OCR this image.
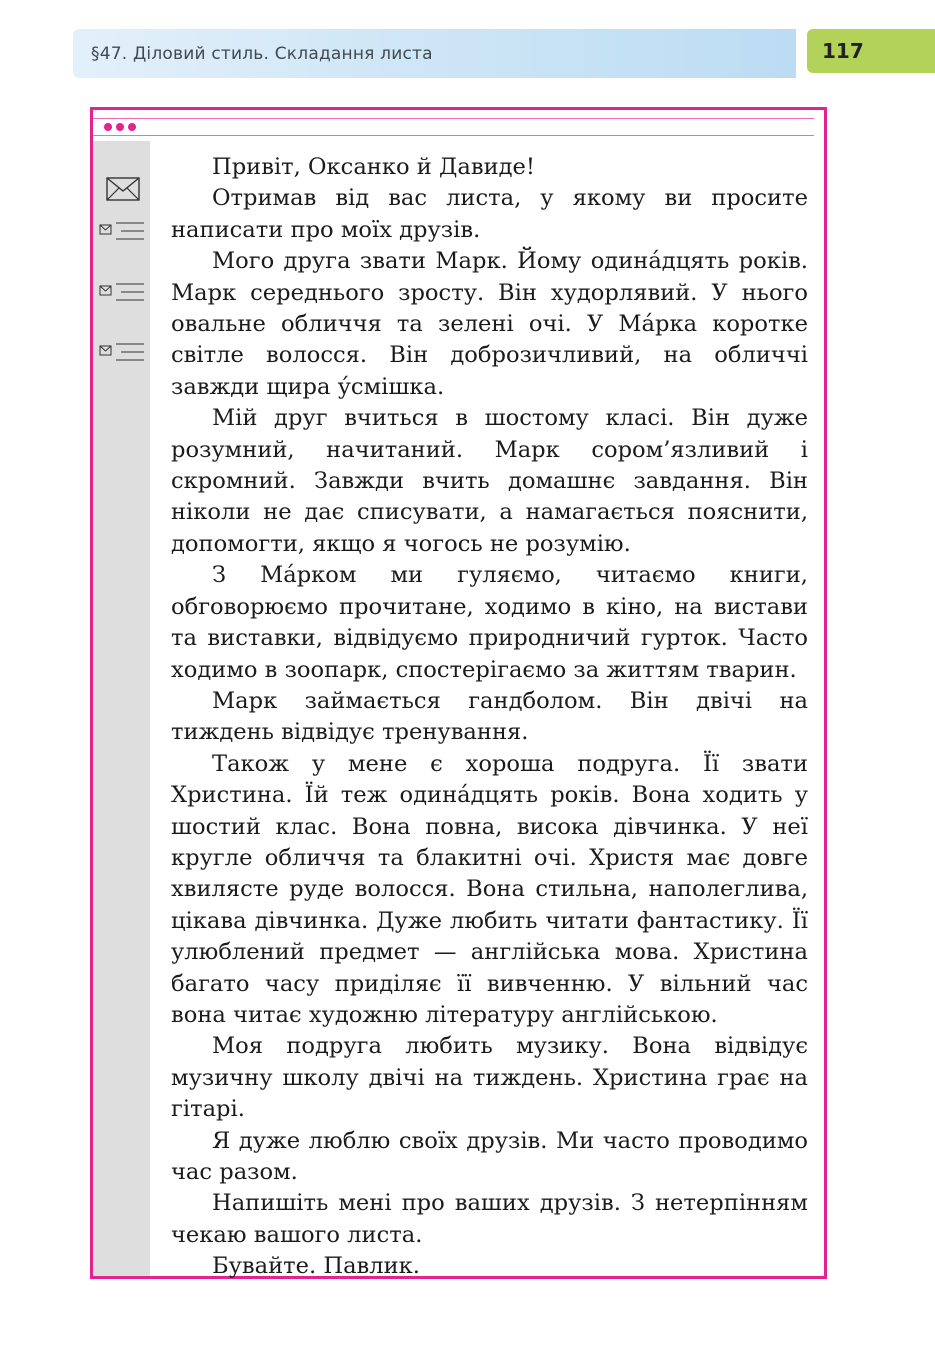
§47. Діловий стиль. Складання листа	117

Привіт, Оксанко й Давиде!

Отримав від вас листа, у якому ви просите написати про моїх друзів.

Мого друга звати Марк. Йому одина́дцять років. Марк середнього зросту. Він худорлявий. У нього овальне обличчя та зелені очі. У Ма́рка коротке світле волосся. Він доброзичливий, на обличчі завжди щира у́смішка.

Мій друг вчиться в шостому класі. Він дуже розумний, начитаний. Марк сором’язливий і скромний. Завжди вчить домашнє завдання. Він ніколи не дає списувати, а намагається пояснити, допомогти, якщо я чогось не розумію.

З Ма́рком ми гуляємо, читаємо книги, обговорюємо прочитане, ходимо в кіно, на вистави та виставки, відвідуємо природничий гурток. Часто ходимо в зоопарк, спостерігаємо за життям тварин.

Марк займається гандболом. Він двічі на тиждень відвідує тренування.

Також у мене є хороша подруга. Її звати Христина. Їй теж одина́дцять років. Вона ходить у шостий клас. Вона повна, висока дівчинка. У неї кругле обличчя та блакитні очі. Христя має довге хвилясте руде волосся. Вона стильна, наполеглива, цікава дівчинка. Дуже любить читати фантастику. Її улюблений предмет — англійська мова. Христина багато часу приділяє її вивченню. У вільний час вона читає художню літературу англійською.

Моя подруга любить музику. Вона відвідує музичну школу двічі на тиждень. Христина грає на гітарі.

Я дуже люблю своїх друзів. Ми часто проводимо час разом.

Напишіть мені про ваших друзів. З нетерпінням чекаю вашого листа.

Бувайте. Павлик.
